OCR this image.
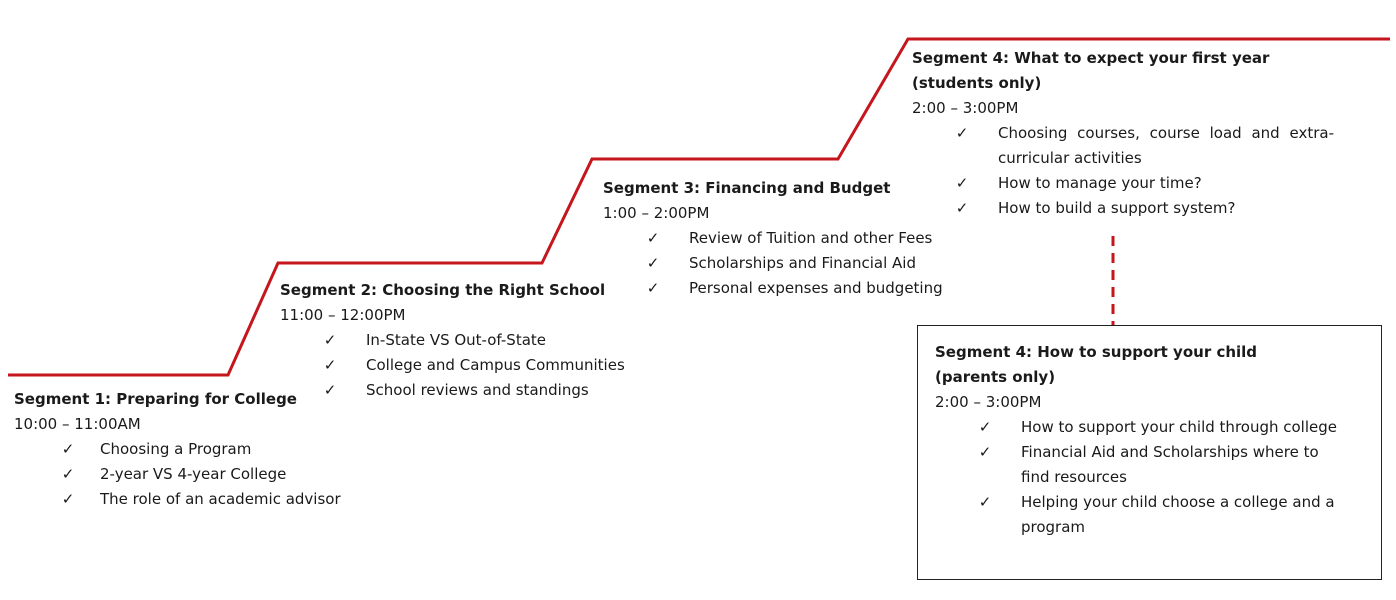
Segment 1: Preparing for College
10:00 – 11:00AM
✓ Choosing a Program
✓ 2-year VS 4-year College
✓ The role of an academic advisor
Segment 2: Choosing the Right School
11:00 – 12:00PM
✓ In-State VS Out-of-State
✓ College and Campus Communities
✓ School reviews and standings
Segment 3: Financing and Budget
1:00 – 2:00PM
✓ Review of Tuition and other Fees
✓ Scholarships and Financial Aid
✓ Personal expenses and budgeting
Segment 4: What to expect your first year
(students only)
2:00 – 3:00PM
✓ Choosing courses, course load and extra-curricular activities
✓ How to manage your time?
✓ How to build a support system?
Segment 4: How to support your child
(parents only)
2:00 – 3:00PM
✓ How to support your child through college
✓ Financial Aid and Scholarships where to find resources
✓ Helping your child choose a college and a program
